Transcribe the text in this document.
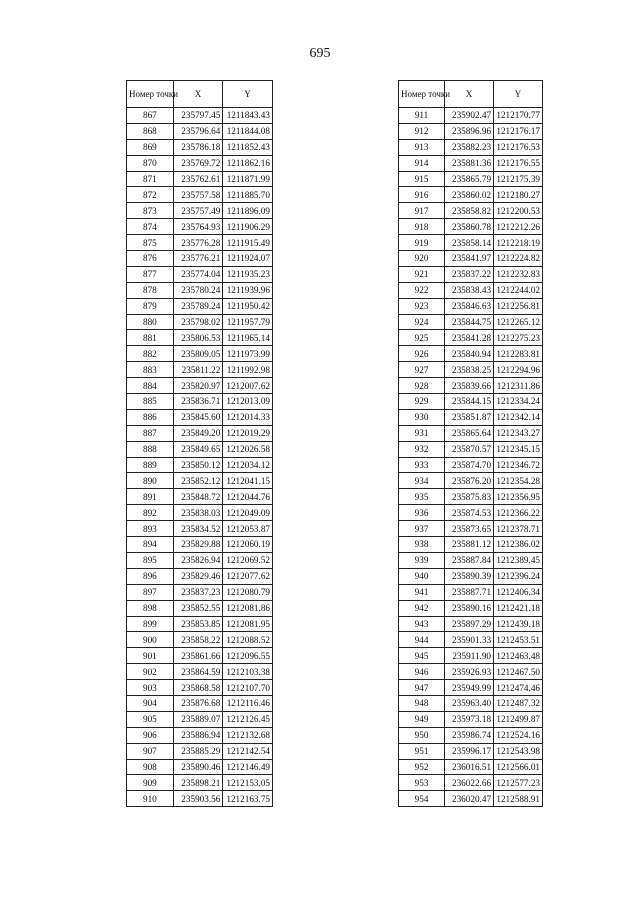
695
Номер точки	X	Y
867	235797.45	1211843.43
868	235796.64	1211844.08
869	235786.18	1211852.43
870	235769.72	1211862.16
871	235762.61	1211871.99
872	235757.58	1211885.70
873	235757.49	1211896.09
874	235764.93	1211906.29
875	235776.28	1211915.49
876	235776.21	1211924.07
877	235774.04	1211935.23
878	235780.24	1211939.96
879	235789.24	1211950.42
880	235798.02	1211957.79
881	235806.53	1211965.14
882	235809.05	1211973.99
883	235811.22	1211992.98
884	235820.97	1212007.62
885	235836.71	1212013.09
886	235845.60	1212014.33
887	235849.20	1212019.29
888	235849.65	1212026.58
889	235850.12	1212034.12
890	235852.12	1212041.15
891	235848.72	1212044.76
892	235838.03	1212049.09
893	235834.52	1212053.87
894	235829.88	1212060.19
895	235826.94	1212069.52
896	235829.46	1212077.62
897	235837.23	1212080.79
898	235852.55	1212081.86
899	235853.85	1212081.95
900	235858.22	1212088.52
901	235861.66	1212096.55
902	235864.59	1212103.38
903	235868.58	1212107.70
904	235876.68	1212116.46
905	235889.07	1212126.45
906	235886.94	1212132.68
907	235885.29	1212142.54
908	235890.46	1212146.49
909	235898.21	1212153.05
910	235903.56	1212163.75
Номер точки	X	Y
911	235902.47	1212170.77
912	235896.96	1212176.17
913	235882.23	1212176.53
914	235881.36	1212176.55
915	235865.79	1212175.39
916	235860.02	1212180.27
917	235858.82	1212200.53
918	235860.78	1212212.26
919	235858.14	1212218.19
920	235841.97	1212224.82
921	235837.22	1212232.83
922	235838.43	1212244.02
923	235846.63	1212256.81
924	235844.75	1212265.12
925	235841.28	1212275.23
926	235840.94	1212283.81
927	235838.25	1212294.96
928	235839.66	1212311.86
929	235844.15	1212334.24
930	235851.87	1212342.14
931	235865.64	1212343.27
932	235870.57	1212345.15
933	235874.70	1212346.72
934	235876.20	1212354.28
935	235875.83	1212356.95
936	235874.53	1212366.22
937	235873.65	1212378.71
938	235881.12	1212386.02
939	235887.84	1212389.45
940	235890.39	1212396.24
941	235887.71	1212406.34
942	235890.16	1212421.18
943	235897.29	1212439.18
944	235901.33	1212453.51
945	235911.90	1212463.48
946	235926.93	1212467.50
947	235949.99	1212474.46
948	235963.40	1212487.32
949	235973.18	1212499.87
950	235986.74	1212524.16
951	235996.17	1212543.98
952	236016.51	1212566.01
953	236022.66	1212577.23
954	236020.47	1212588.91
